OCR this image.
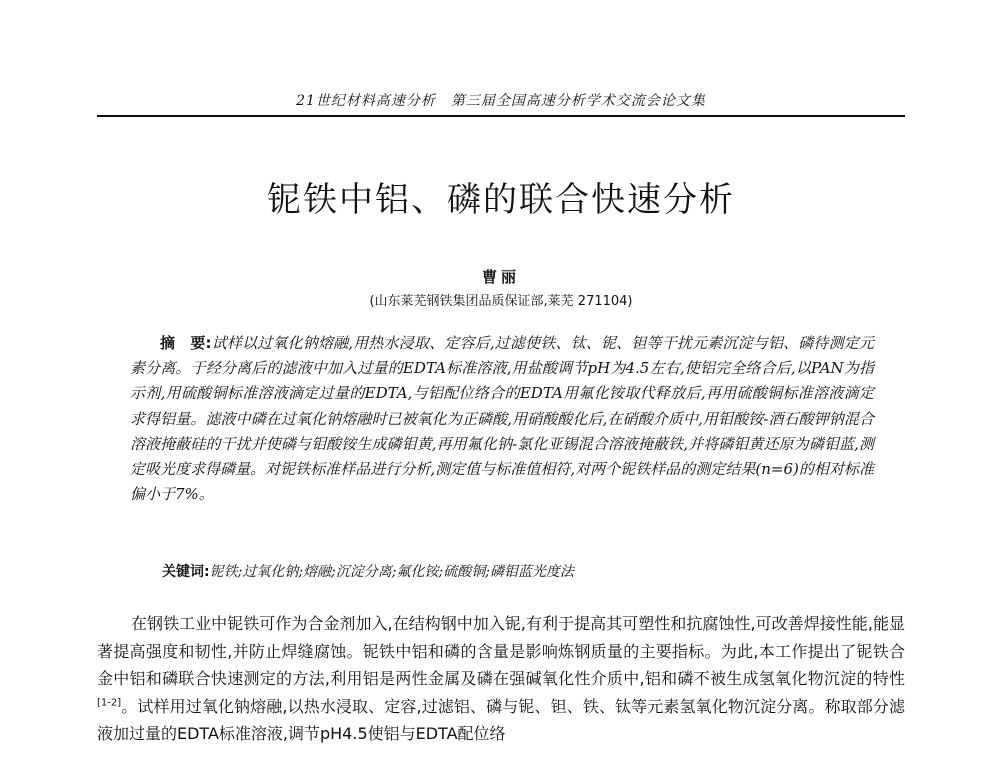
21世纪材料高速分析　第三届全国高速分析学术交流会论文集
铌铁中铝、磷的联合快速分析
曹丽
(山东莱芜钢铁集团品质保证部,莱芜 271104)
摘　要:试样以过氧化钠熔融,用热水浸取、定容后,过滤使铁、钛、铌、钽等干扰元素沉淀与铝、磷待测定元素分离。于经分离后的滤液中加入过量的EDTA标准溶液,用盐酸调节pH为4.5左右,使铝完全络合后,以PAN为指示剂,用硫酸铜标准溶液滴定过量的EDTA,与铝配位络合的EDTA用氟化铵取代释放后,再用硫酸铜标准溶液滴定求得铝量。滤液中磷在过氧化钠熔融时已被氧化为正磷酸,用硝酸酸化后,在硝酸介质中,用钼酸铵-酒石酸钾钠混合溶液掩蔽硅的干扰并使磷与钼酸铵生成磷钼黄,再用氟化钠-氯化亚锡混合溶液掩蔽铁,并将磷钼黄还原为磷钼蓝,测定吸光度求得磷量。对铌铁标准样品进行分析,测定值与标准值相符,对两个铌铁样品的测定结果(n=6)的相对标准偏小于7%。
关键词:铌铁;过氧化钠;熔融;沉淀分离;氟化铵;硫酸铜;磷钼蓝光度法
在钢铁工业中铌铁可作为合金剂加入,在结构钢中加入铌,有利于提高其可塑性和抗腐蚀性,可改善焊接性能,能显著提高强度和韧性,并防止焊缝腐蚀。铌铁中铝和磷的含量是影响炼钢质量的主要指标。为此,本工作提出了铌铁合金中铝和磷联合快速测定的方法,利用铝是两性金属及磷在强碱氧化性介质中,铝和磷不被生成氢氧化物沉淀的特性[1-2]。试样用过氧化钠熔融,以热水浸取、定容,过滤铝、磷与铌、钽、铁、钛等元素氢氧化物沉淀分离。称取部分滤液加过量的EDTA标准溶液,调节pH4.5使铝与EDTA配位络
